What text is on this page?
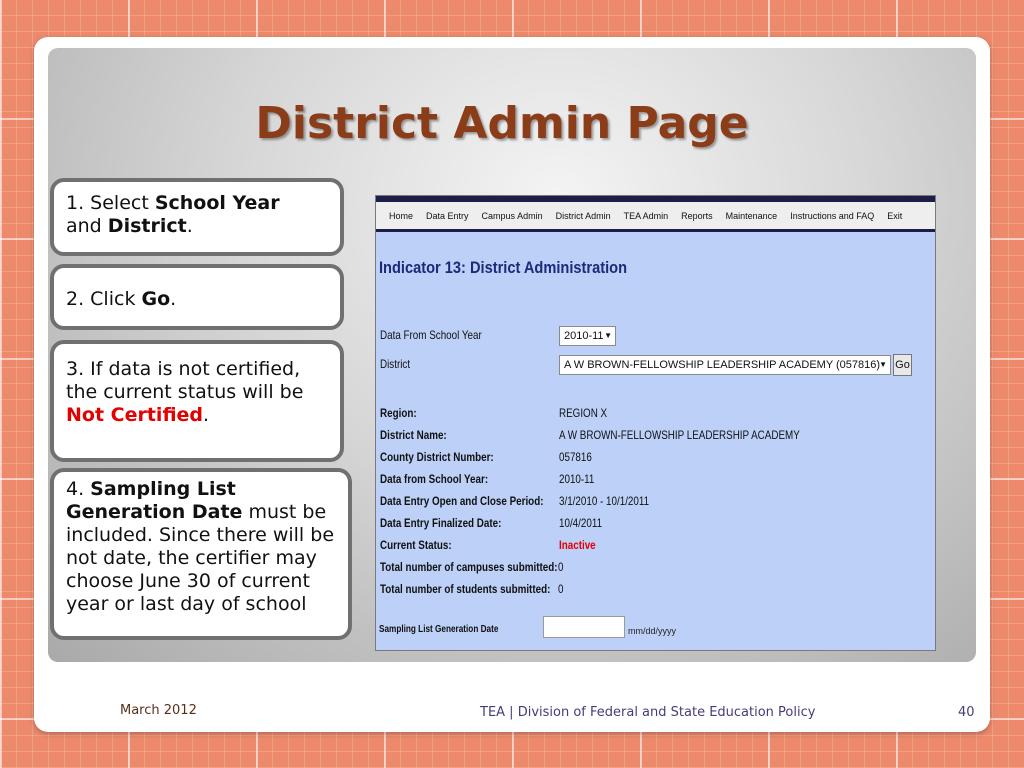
District Admin Page
1. Select School Year
and District.
2. Click Go.
3. If data is not certified, the current status will be Not Certified.
4. Sampling List Generation Date must be included. Since there will be not date, the certifier may choose June 30 of current year or last day of school
Home Data Entry Campus Admin District Admin TEA Admin Reports Maintenance Instructions and FAQ Exit
Indicator 13: District Administration
Data From School Year	2010-11 ▼
District	A W BROWN-FELLOWSHIP LEADERSHIP ACADEMY (057816) ▼ Go
Region:	REGION X
District Name:	A W BROWN-FELLOWSHIP LEADERSHIP ACADEMY
County District Number:	057816
Data from School Year:	2010-11
Data Entry Open and Close Period: 3/1/2010 - 10/1/2011
Data Entry Finalized Date:	10/4/2011
Current Status:	Inactive
Total number of campuses submitted: 0
Total number of students submitted: 0
Sampling List Generation Date	mm/dd/yyyy
March 2012	TEA | Division of Federal and State Education Policy	40
